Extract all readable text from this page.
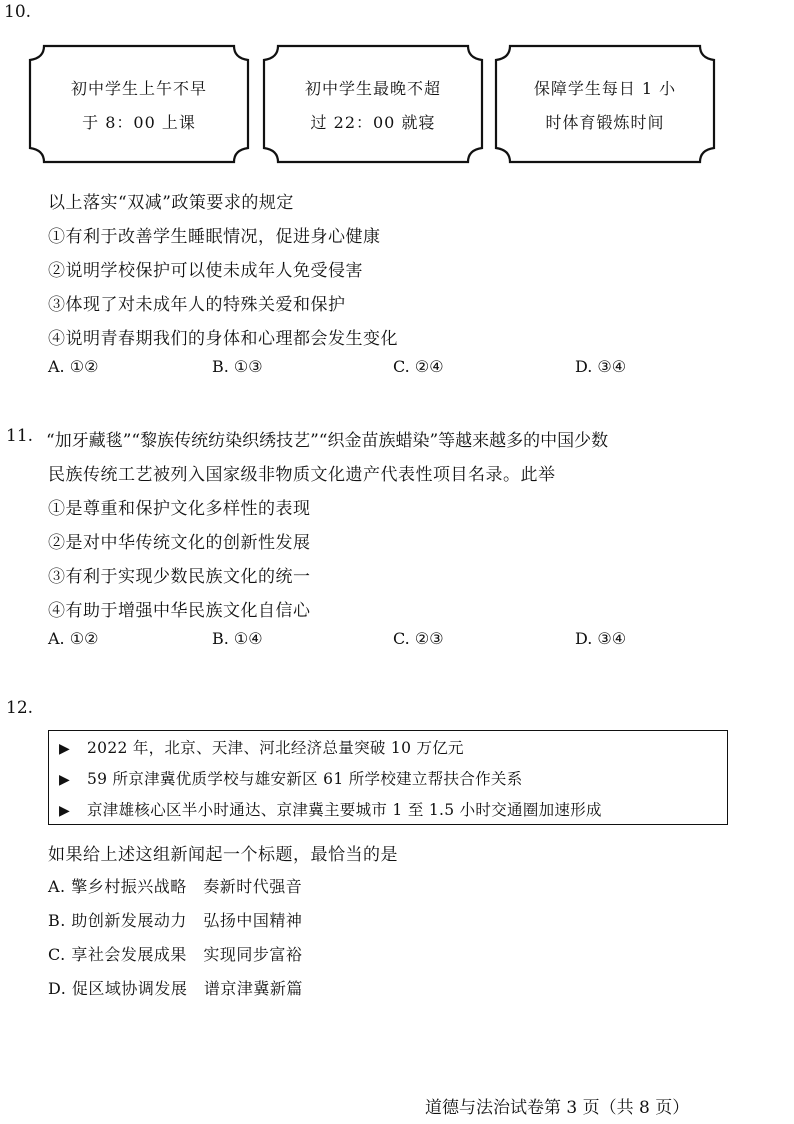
10.
初中学生上午不早
于 8：00 上课
初中学生最晚不超
过 22：00 就寝
保障学生每日 1 小
时体育锻炼时间
以上落实“双减”政策要求的规定
①有利于改善学生睡眠情况，促进身心健康
②说明学校保护可以使未成年人免受侵害
③体现了对未成年人的特殊关爱和保护
④说明青春期我们的身体和心理都会发生变化
A. ①②	B. ①③	C. ②④	D. ③④
11. “加牙藏毯”“黎族传统纺染织绣技艺”“织金苗族蜡染”等越来越多的中国少数
民族传统工艺被列入国家级非物质文化遗产代表性项目名录。此举
①是尊重和保护文化多样性的表现
②是对中华传统文化的创新性发展
③有利于实现少数民族文化的统一
④有助于增强中华民族文化自信心
A. ①②	B. ①④	C. ②③	D. ③④
12.
▶ 2022 年，北京、天津、河北经济总量突破 10 万亿元
▶ 59 所京津冀优质学校与雄安新区 61 所学校建立帮扶合作关系
▶ 京津雄核心区半小时通达、京津冀主要城市 1 至 1.5 小时交通圈加速形成
如果给上述这组新闻起一个标题，最恰当的是
A. 擎乡村振兴战略　奏新时代强音
B. 助创新发展动力　弘扬中国精神
C. 享社会发展成果　实现同步富裕
D. 促区域协调发展　谱京津冀新篇
道德与法治试卷第 3 页（共 8 页）
